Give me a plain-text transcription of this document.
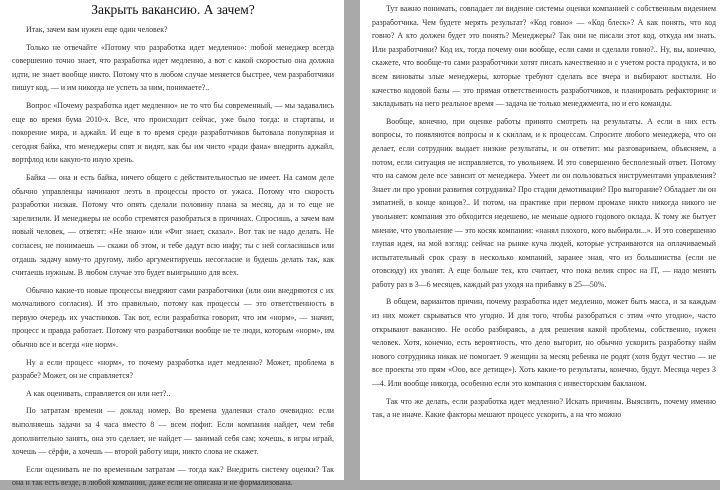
Закрыть вакансию. А зачем?

Итак, зачем вам нужен еще один человек?

Только не отвечайте «Потому что разработка идет медленно»: любой менеджер всегда совершенно точно знает, что разработка идет медленно, а вот с какой скоростью она должна идти, не знает вообще никто. Потому что в любом случае меняется быстрее, чем разработчики пишут код, — и им никогда не успеть за ним, понимаете?..

Вопрос «Почему разработка идет медленно» не то что бы современный, — мы задавались еще во время бума 2010-х. Все, что происходит сейчас, уже было тогда: и стартапы, и покорение мира, и аджайл. И еще в то время среди разработчиков бытовала популярная и сегодня байка, что менеджеры спят и видят, как бы им чисто «ради фана» внедрить аджайл, вортфлод или какую-то иную хрень.

Байка — она и есть байка, ничего общего с действительностью не имеет. На самом деле обычно управленцы начинают лезть в процессы просто от ужаса. Потому что скорость разработки низкая. Потому что опять сделали половину плана за месяц, да и то еще не зарелизили. И менеджеры не особо стремятся разобраться в причинах. Спросишь, а зачем вам новый человек, — ответят: «Не знаю» или «Фиг знает, сказал». Вот так не надо делать. Не согласен, не понимаешь — скажи об этом, и тебе дадут всю инфу; ты с ней согласишься или отдашь задачу кому-то другому, либо аргументируешь несогласие и будешь делать так, как считаешь нужным. В любом случае это будет выигрышно для всех.

Обычно какие-то новые процессы внедряют сами разработчики (или они внедряются с их молчаливого согласия). И это правильно, потому как процессы — это ответственность в первую очередь их участников. Так вот, если разработка говорит, что им «норм», — значит, процесс и правда работает. Потому что разработчики вообще не те люди, которым «норм», им обычно все и всегда «не норм».

Ну а если процесс «норм», то почему разработка идет медленно? Может, проблема в разрабе? Может, он не справляется?

А как оценивать, справляется он или нет?..

По затратам времени — доклад номер. Во времена удаленки стало очевидно: если выполняешь задачи за 4 часа вместо 8 — всем пофиг. Если компания найдет, чем тебя дополнительно занять, она это сделает, не найдет — занимай себя сам; хочешь, в игры играй, хочешь — сёрфи, а хочешь — второй работу ищи, никто слова не скажет.

Если оценивать не по временным затратам — тогда как? Внедрить систему оценки? Так она и так есть везде, в любой компании, даже если не описана и не формализована.

Тут важно понимать, совпадает ли видение системы оценки компанией с собственным видением разработчика. Чем будете мерять результат? «Код говно» — «Код блеск»? А как понять, что код говно? А кто должен будет это понять? Менеджеры? Так они не писали этот код, откуда им знать. Или разработчики? Код их, тогда почему они вообще, если сами и сделали говно?.. Ну, вы, конечно, скажете, что вообще-то сами разработчики хотят писать качественно и с учетом роста продукта, и во всем виноваты злые менеджеры, которые требуют сделать все вчера и выбирают костыли. Но качество кодовой базы — это прямая ответственность разработчиков, и планировать рефакторинг и закладывать на него реальное время — задача не только менеджмента, но и его команды.

Вообще, конечно, при оценке работы принято смотреть на результаты. А если в них есть вопросы, то появляются вопросы и к скиллам, и к процессам. Спросите любого менеджера, что он делает, если сотрудник выдает низкие результаты, и он ответит: мы разговариваем, объясняем, а потом, если ситуация не исправляется, то увольняем. И это совершенно бесполезный ответ. Потому что на самом деле все зависит от менеджера. Умеет ли он пользоваться инструментами управления? Знает ли про уровни развития сотрудника? Про стадии демотивации? Про выгорание? Обладает ли он эмпатией, в конце концов?.. И потом, на практике при первом промахе никто никогда никого не увольняет: компания это обходится недешево, не меньше одного годового оклада. К тому же бытует мнение, что увольнение — это косяк компании: «нанял плохого, кого выбирали...». И это совершенно глупая идея, на мой взгляд: сейчас на рынке куча людей, которые устраиваются на оплачиваемый испытательный срок сразу в несколько компаний, заранее зная, что из большинства (если не отовсюду) их уволят. А еще больше тех, кто считает, что пока велик спрос на IT, — надо менять работу раз в 3—6 месяцев, каждый раз уходя на прибавку в 25—50%.

В общем, вариантов причин, почему разработка идет медленно, может быть масса, и за каждым из них может скрываться что угодно. И для того, чтобы разобраться с этим «что угодно», часто открывают вакансию. Не особо разбираясь, а для решения какой проблемы, собственно, нужен человек. Хотя, конечно, есть вероятность, что дело выгорит, но обычно ускорить разработку найм нового сотрудника никак не помогает. 9 женщин за месяц ребенка не родят (хотя будут честно — не все проекты это прям «Ооо, все детище»). Хоть какие-то результаты, конечно, будут. Месяца через 3—4. Или вообще никогда, особенно если это компания с инвесторским бакланом.

Так что же делать, если разработка идет медленно? Искать причины. Выяснить, почему именно так, а не иначе. Какие факторы мешают процесс ускорить, а на что можно
